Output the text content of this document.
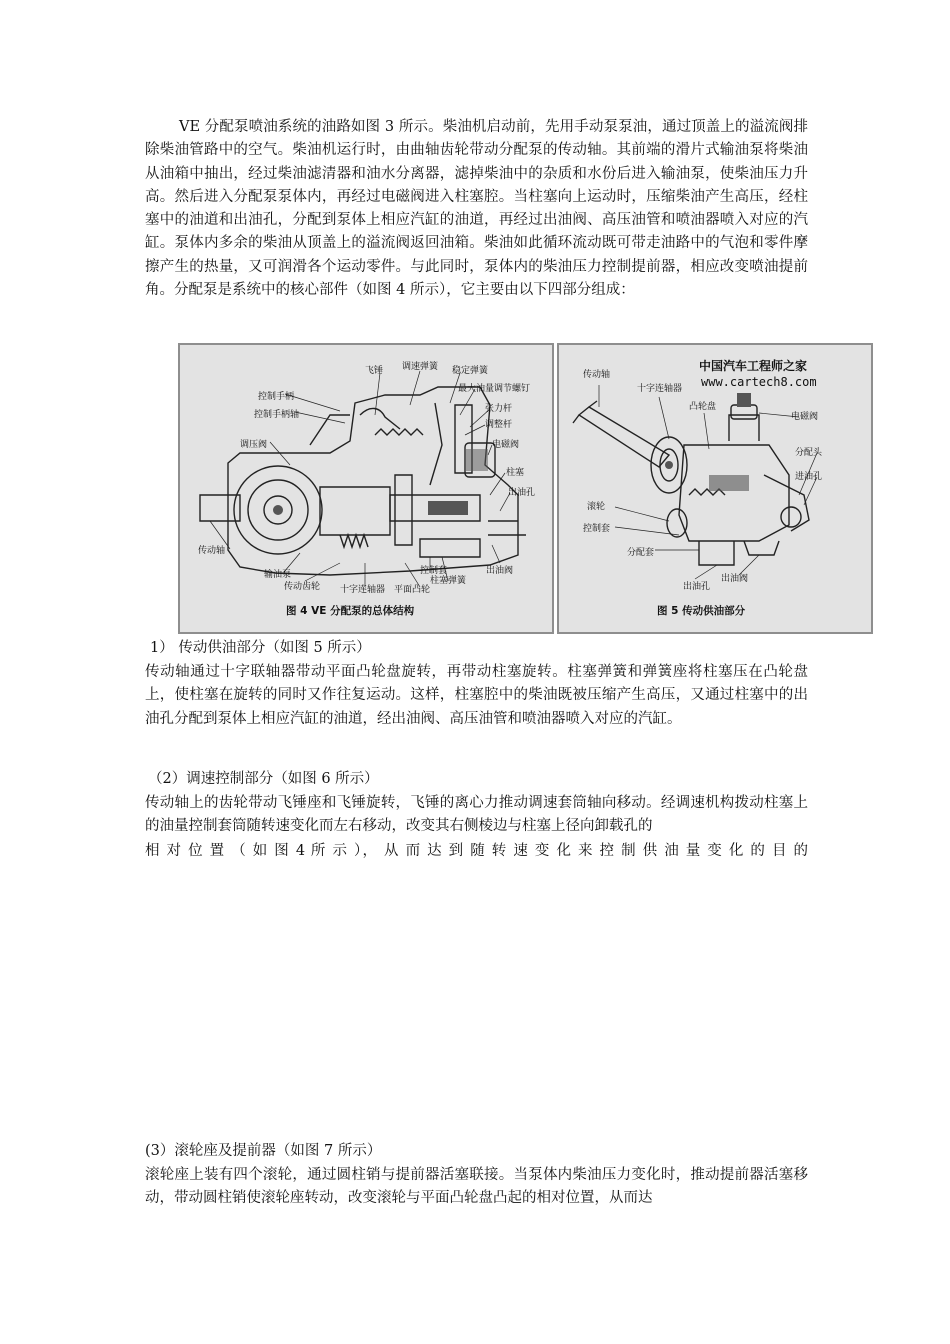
VE 分配泵喷油系统的油路如图 3 所示。柴油机启动前，先用手动泵泵油，通过顶盖上的溢流阀排除柴油管路中的空气。柴油机运行时，由曲轴齿轮带动分配泵的传动轴。其前端的滑片式输油泵将柴油从油箱中抽出，经过柴油滤清器和油水分离器，滤掉柴油中的杂质和水份后进入输油泵，使柴油压力升高。然后进入分配泵泵体内，再经过电磁阀进入柱塞腔。当柱塞向上运动时，压缩柴油产生高压，经柱塞中的油道和出油孔，分配到泵体上相应汽缸的油道，再经过出油阀、高压油管和喷油器喷入对应的汽缸。泵体内多余的柴油从顶盖上的溢流阀返回油箱。柴油如此循环流动既可带走油路中的气泡和零件摩擦产生的热量，又可润滑各个运动零件。与此同时，泵体内的柴油压力控制提前器，相应改变喷油提前角。分配泵是系统中的核心部件（如图 4 所示），它主要由以下四部分组成：

飞锤 调速弹簧 稳定弹簧
控制手柄
最大油量调节螺钉
控制手柄轴
张力杆
调整杆
电磁阀
调压阀
柱塞
出油孔
传动轴
输油泵	控制套	出油阀
传动齿轮 十字连轴器 平面凸轮
柱塞弹簧
图 4 VE 分配泵的总体结构
传动轴
十字连轴器
凸轮盘
电磁阀
分配头
进油孔
滚轮
控制套
分配套
出油孔
出油阀
中国汽车工程师之家
www.cartech8.com
图 5 传动供油部分

1） 传动供油部分（如图 5 所示）

传动轴通过十字联轴器带动平面凸轮盘旋转，再带动柱塞旋转。柱塞弹簧和弹簧座将柱塞压在凸轮盘上，使柱塞在旋转的同时又作往复运动。这样，柱塞腔中的柴油既被压缩产生高压，又通过柱塞中的出油孔分配到泵体上相应汽缸的油道，经出油阀、高压油管和喷油器喷入对应的汽缸。

（2）调速控制部分（如图 6 所示）

传动轴上的齿轮带动飞锤座和飞锤旋转，飞锤的离心力推动调速套筒轴向移动。经调速机构拨动柱塞上的油量控制套筒随转速变化而左右移动，改变其右侧棱边与柱塞上径向卸载孔的

相 对 位 置 （ 如 图 4 所 示 ）， 从 而 达 到 随 转 速 变 化 来 控 制 供 油 量 变 化 的 目 的

(3）滚轮座及提前器（如图 7 所示）

滚轮座上装有四个滚轮，通过圆柱销与提前器活塞联接。当泵体内柴油压力变化时，推动提前器活塞移动，带动圆柱销使滚轮座转动，改变滚轮与平面凸轮盘凸起的相对位置，从而达
